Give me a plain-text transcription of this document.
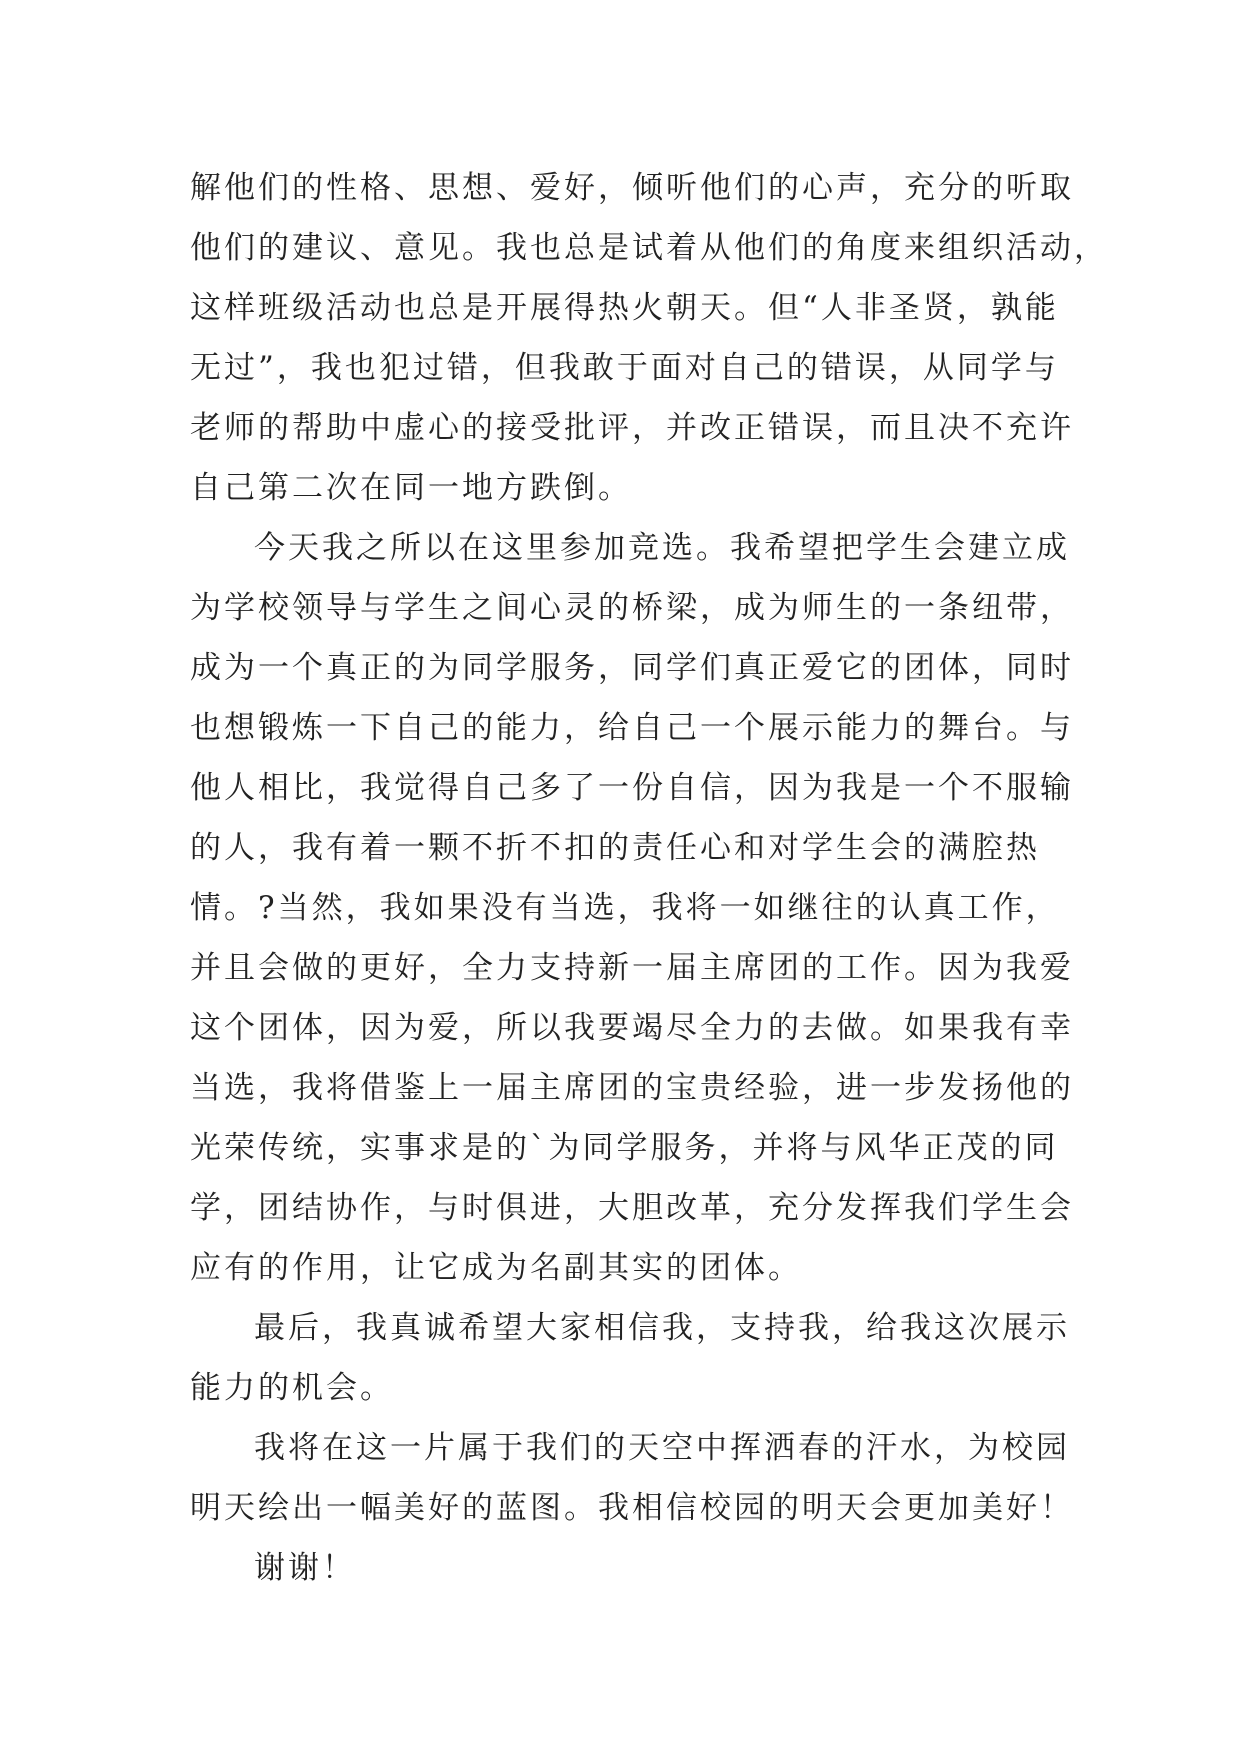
解他们的性格、思想、爱好，倾听他们的心声，充分的听取
他们的建议、意见。我也总是试着从他们的角度来组织活动，
这样班级活动也总是开展得热火朝天。但“人非圣贤，孰能
无过”，我也犯过错，但我敢于面对自己的错误，从同学与
老师的帮助中虚心的接受批评，并改正错误，而且决不充许
自己第二次在同一地方跌倒。
今天我之所以在这里参加竞选。我希望把学生会建立成
为学校领导与学生之间心灵的桥梁，成为师生的一条纽带，
成为一个真正的为同学服务，同学们真正爱它的团体，同时
也想锻炼一下自己的能力，给自己一个展示能力的舞台。与
他人相比，我觉得自己多了一份自信，因为我是一个不服输
的人，我有着一颗不折不扣的责任心和对学生会的满腔热
情。?当然，我如果没有当选，我将一如继往的认真工作，
并且会做的更好，全力支持新一届主席团的工作。因为我爱
这个团体，因为爱，所以我要竭尽全力的去做。如果我有幸
当选，我将借鉴上一届主席团的宝贵经验，进一步发扬他的
光荣传统，实事求是的`为同学服务，并将与风华正茂的同
学，团结协作，与时俱进，大胆改革，充分发挥我们学生会
应有的作用，让它成为名副其实的团体。
最后，我真诚希望大家相信我，支持我，给我这次展示
能力的机会。
我将在这一片属于我们的天空中挥洒春的汗水，为校园
明天绘出一幅美好的蓝图。我相信校园的明天会更加美好！
谢谢！
